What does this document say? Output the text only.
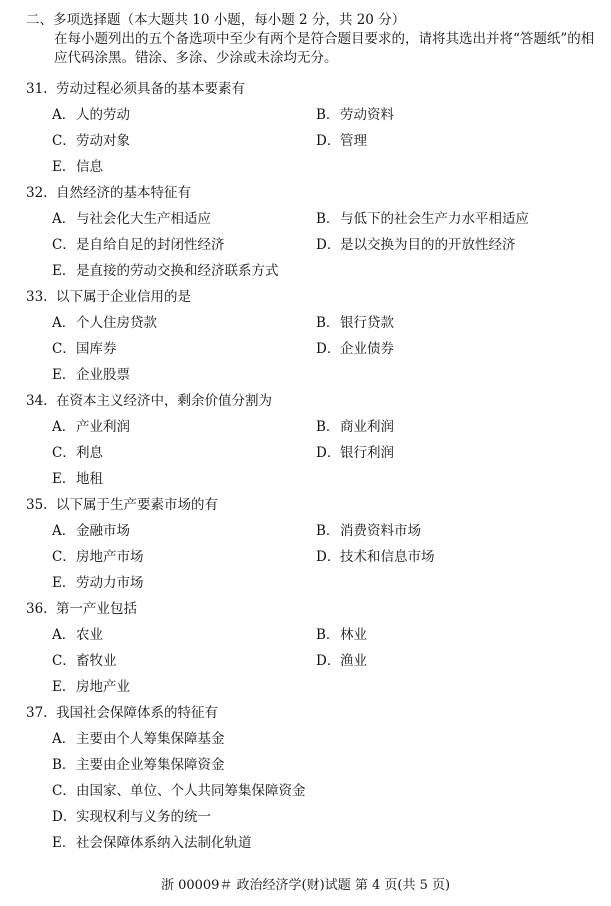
二、多项选择题（本大题共 10 小题，每小题 2 分，共 20 分）
在每小题列出的五个备选项中至少有两个是符合题目要求的，请将其选出并将“答题纸”的相应代码涂黑。错涂、多涂、少涂或未涂均无分。
31. 劳动过程必须具备的基本要素有
A．人的劳动	B．劳动资料
C．劳动对象	D．管理
E．信息
32. 自然经济的基本特征有
A．与社会化大生产相适应	B．与低下的社会生产力水平相适应
C．是自给自足的封闭性经济	D．是以交换为目的的开放性经济
E．是直接的劳动交换和经济联系方式
33. 以下属于企业信用的是
A．个人住房贷款	B．银行贷款
C．国库券	D．企业债券
E．企业股票
34. 在资本主义经济中，剩余价值分割为
A．产业利润	B．商业利润
C．利息	D．银行利润
E．地租
35. 以下属于生产要素市场的有
A．金融市场	B．消费资料市场
C．房地产市场	D．技术和信息市场
E．劳动力市场
36. 第一产业包括
A．农业	B．林业
C．畜牧业	D．渔业
E．房地产业
37. 我国社会保障体系的特征有
A．主要由个人筹集保障基金
B．主要由企业筹集保障资金
C．由国家、单位、个人共同筹集保障资金
D．实现权利与义务的统一
E．社会保障体系纳入法制化轨道
浙 00009＃ 政治经济学(财)试题 第 4 页(共 5 页)
